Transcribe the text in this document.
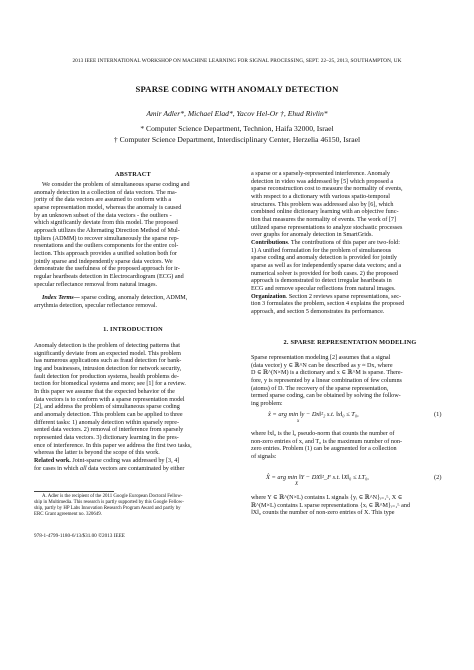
2013 IEEE INTERNATIONAL WORKSHOP ON MACHINE LEARNING FOR SIGNAL PROCESSING, SEPT. 22–25, 2013, SOUTHAMPTON, UK
SPARSE CODING WITH ANOMALY DETECTION
Amir Adler*, Michael Elad*, Yacov Hel-Or †, Ehud Rivlin*
* Computer Science Department, Technion, Haifa 32000, Israel
† Computer Science Department, Interdisciplinary Center, Herzelia 46150, Israel
ABSTRACT

We consider the problem of simultaneous sparse coding and

anomaly detection in a collection of data vectors. The ma-

jority of the data vectors are assumed to conform with a

sparse representation model, whereas the anomaly is caused

by an unknown subset of the data vectors - the outliers -

which significantly deviate from this model. The proposed

approach utilizes the Alternating Direction Method of Mul-

tipliers (ADMM) to recover simultaneously the sparse rep-

resentations and the outliers components for the entire col-

lection. This approach provides a unified solution both for

jointly sparse and independently sparse data vectors. We

demonstrate the usefulness of the proposed approach for ir-

regular heartbeats detection in Electrocardiogram (ECG) and

specular reflectance removal from natural images.

Index Terms— sparse coding, anomaly detection, ADMM,

arrythmia detection, specular reflectance removal.

1. INTRODUCTION

Anomaly detection is the problem of detecting patterns that

significantly deviate from an expected model. This problem

has numerous applications such as fraud detection for bank-

ing and businesses, intrusion detection for network security,

fault detection for production systems, health problems de-

tection for biomedical systems and more; see [1] for a review.

In this paper we assume that the expected behavior of the

data vectors is to conform with a sparse representation model

[2], and address the problem of simultaneous sparse coding

and anomaly detection. This problem can be applied to three

different tasks: 1) anomaly detection within sparsely repre-

sented data vectors. 2) removal of interference from sparsely

represented data vectors. 3) dictionary learning in the pres-

ence of interference. In this paper we address the first two tasks,

whereas the latter is beyond the scope of this work.

Related work. Joint-sparse coding was addressed by [3, 4]

for cases in which all data vectors are contaminated by either

A. Adler is the recipient of the 2011 Google European Doctoral Fellow-

ship in Multimedia. This research is partly supported by this Google Fellow-

ship, partly by HP Labs Innovation Research Program Award and partly by

ERC Grant agreement no. 320649.

978-1-4799-1180-6/13/$31.00 ©2013 IEEE

a sparse or a sparsely-represented interference. Anomaly

detection in video was addressed by [5] which proposed a

sparse reconstruction cost to measure the normality of events,

with respect to a dictionary with various spatio-temporal

structures. This problem was addressed also by [6], which

combined online dictionary learning with an objective func-

tion that measures the normality of events. The work of [7]

utilized sparse representations to analyze stochastic processes

over graphs for anomaly detection in SmartGrids.

Contributions. The contributions of this paper are two-fold:

1) A unified formulation for the problem of simultaneous

sparse coding and anomaly detection is provided for jointly

sparse as well as for independently sparse data vectors; and a

numerical solver is provided for both cases. 2) the proposed

approach is demonstrated to detect irregular heartbeats in

ECG and remove specular reflections from natural images.

Organization. Section 2 reviews sparse representations, sec-

tion 3 formulates the problem, section 4 explains the proposed

approach, and section 5 demonstrates its performance.

2. SPARSE REPRESENTATION MODELING

Sparse representation modeling [2] assumes that a signal

(data vector) y ∈ ℝ^N can be described as y ≈ Dx, where

D ∈ ℝ^(N×M) is a dictionary and x ∈ ℝ^M is sparse. There-

fore, y is represented by a linear combination of few columns

(atoms) of D. The recovery of the sparse representation,

termed sparse coding, can be obtained by solving the follow-

ing problem:

x̂ = arg min ‖y − Dx‖²₂ s.t. ‖x‖₀ ≤ T₀,
x
(1)

where ‖x‖₀ is the l₀ pseudo-norm that counts the number of

non-zero entries of x, and T₀ is the maximum number of non-

zero entries. Problem (1) can be augmented for a collection

of signals:

X̂ = arg min ‖Y − DX‖²_F s.t. ‖X‖₀ ≤ LT₀,
X
(2)

where Y ∈ ℝ^(N×L) contains L signals {yᵢ ∈ ℝ^N}ᵢ₌₁ᴸ, X ∈

ℝ^(M×L) contains L sparse representations {xᵢ ∈ ℝ^M}ᵢ₌₁ᴸ and

‖X‖₀ counts the number of non-zero entries of X. This type
